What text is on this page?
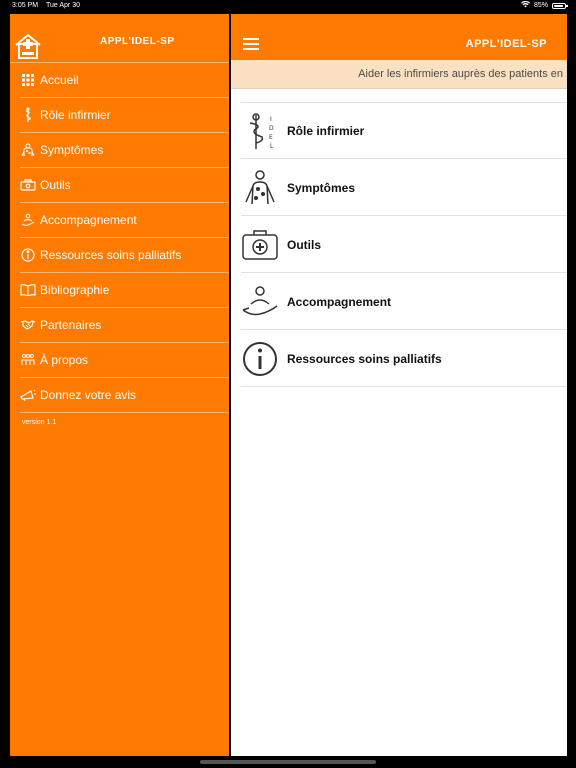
3:05 PM Tue Apr 30	85%
APPL'IDEL-SP
Accueil
Rôle infirmier
Symptômes
Outils
Accompagnement
Ressources soins palliatifs
Bibliographie
Partenaires
À propos
Donnez votre avis
version 1.1
APPL'IDEL-SP
Aider les infirmiers auprès des patients en
I
D
E
L
Rôle infirmier
Symptômes
Outils
Accompagnement
Ressources soins palliatifs
